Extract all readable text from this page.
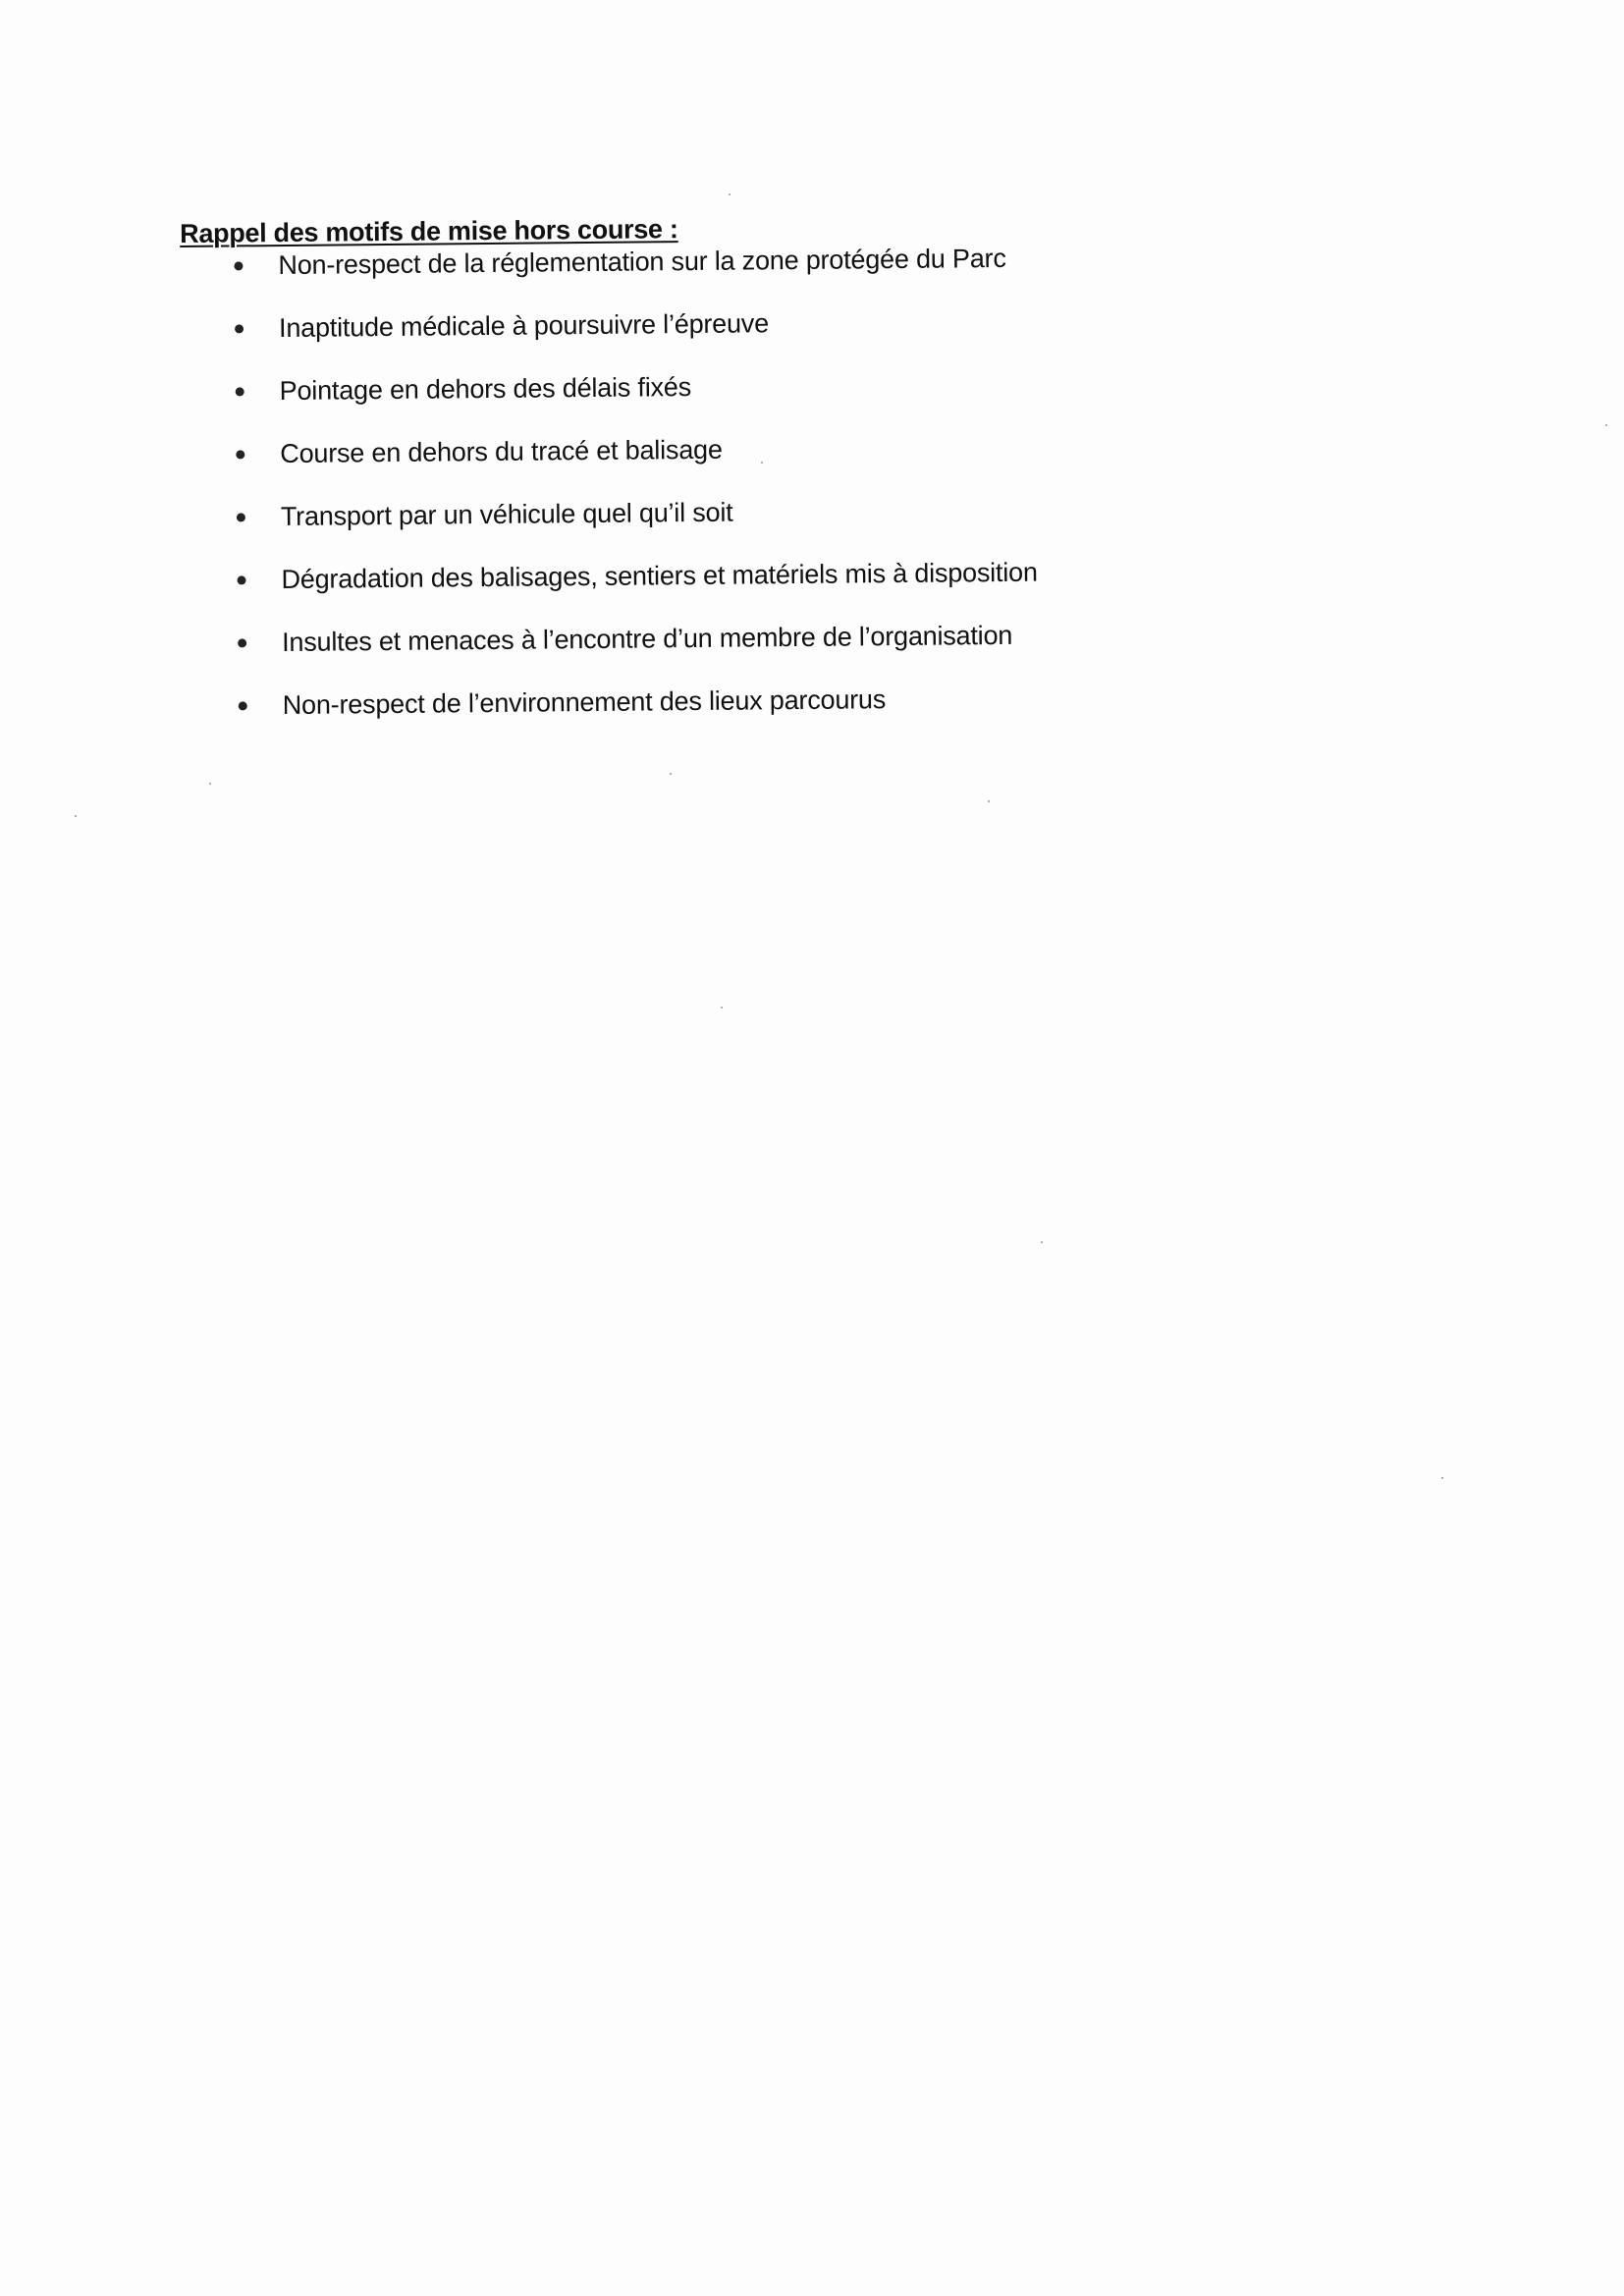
Rappel des motifs de mise hors course :
Non-respect de la réglementation sur la zone protégée du Parc
Inaptitude médicale à poursuivre l’épreuve
Pointage en dehors des délais fixés
Course en dehors du tracé et balisage
Transport par un véhicule quel qu’il soit
Dégradation des balisages, sentiers et matériels mis à disposition
Insultes et menaces à l’encontre d’un membre de l’organisation
Non-respect de l’environnement des lieux parcourus
